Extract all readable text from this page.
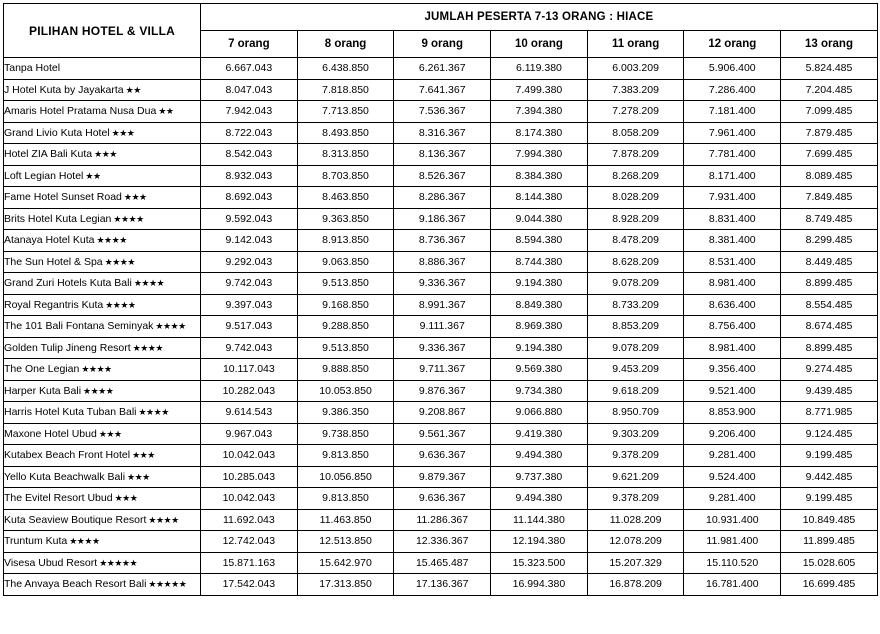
PILIHAN HOTEL & VILLA	JUMLAH PESERTA 7-13 ORANG : HIACE						
	7 orang	8 orang	9 orang	10 orang	11 orang	12 orang	13 orang
Tanpa Hotel	6.667.043	6.438.850	6.261.367	6.119.380	6.003.209	5.906.400	5.824.485
J Hotel Kuta by Jayakarta ★★	8.047.043	7.818.850	7.641.367	7.499.380	7.383.209	7.286.400	7.204.485
Amaris Hotel Pratama Nusa Dua ★★	7.942.043	7.713.850	7.536.367	7.394.380	7.278.209	7.181.400	7.099.485
Grand Livio Kuta Hotel ★★★	8.722.043	8.493.850	8.316.367	8.174.380	8.058.209	7.961.400	7.879.485
Hotel ZIA Bali Kuta ★★★	8.542.043	8.313.850	8.136.367	7.994.380	7.878.209	7.781.400	7.699.485
Loft Legian Hotel ★★	8.932.043	8.703.850	8.526.367	8.384.380	8.268.209	8.171.400	8.089.485
Fame Hotel Sunset Road ★★★	8.692.043	8.463.850	8.286.367	8.144.380	8.028.209	7.931.400	7.849.485
Brits Hotel Kuta Legian ★★★★	9.592.043	9.363.850	9.186.367	9.044.380	8.928.209	8.831.400	8.749.485
Atanaya Hotel Kuta ★★★★	9.142.043	8.913.850	8.736.367	8.594.380	8.478.209	8.381.400	8.299.485
The Sun Hotel & Spa ★★★★	9.292.043	9.063.850	8.886.367	8.744.380	8.628.209	8.531.400	8.449.485
Grand Zuri Hotels Kuta Bali ★★★★	9.742.043	9.513.850	9.336.367	9.194.380	9.078.209	8.981.400	8.899.485
Royal Regantris Kuta ★★★★	9.397.043	9.168.850	8.991.367	8.849.380	8.733.209	8.636.400	8.554.485
The 101 Bali Fontana Seminyak ★★★★	9.517.043	9.288.850	9.111.367	8.969.380	8.853.209	8.756.400	8.674.485
Golden Tulip Jineng Resort ★★★★	9.742.043	9.513.850	9.336.367	9.194.380	9.078.209	8.981.400	8.899.485
The One Legian ★★★★	10.117.043	9.888.850	9.711.367	9.569.380	9.453.209	9.356.400	9.274.485
Harper Kuta Bali ★★★★	10.282.043	10.053.850	9.876.367	9.734.380	9.618.209	9.521.400	9.439.485
Harris Hotel Kuta Tuban Bali ★★★★	9.614.543	9.386.350	9.208.867	9.066.880	8.950.709	8.853.900	8.771.985
Maxone Hotel Ubud ★★★	9.967.043	9.738.850	9.561.367	9.419.380	9.303.209	9.206.400	9.124.485
Kutabex Beach Front Hotel ★★★	10.042.043	9.813.850	9.636.367	9.494.380	9.378.209	9.281.400	9.199.485
Yello Kuta Beachwalk Bali ★★★	10.285.043	10.056.850	9.879.367	9.737.380	9.621.209	9.524.400	9.442.485
The Evitel Resort Ubud ★★★	10.042.043	9.813.850	9.636.367	9.494.380	9.378.209	9.281.400	9.199.485
Kuta Seaview Boutique Resort ★★★★	11.692.043	11.463.850	11.286.367	11.144.380	11.028.209	10.931.400	10.849.485
Truntum Kuta ★★★★	12.742.043	12.513.850	12.336.367	12.194.380	12.078.209	11.981.400	11.899.485
Visesa Ubud Resort ★★★★★	15.871.163	15.642.970	15.465.487	15.323.500	15.207.329	15.110.520	15.028.605
The Anvaya Beach Resort Bali ★★★★★	17.542.043	17.313.850	17.136.367	16.994.380	16.878.209	16.781.400	16.699.485
